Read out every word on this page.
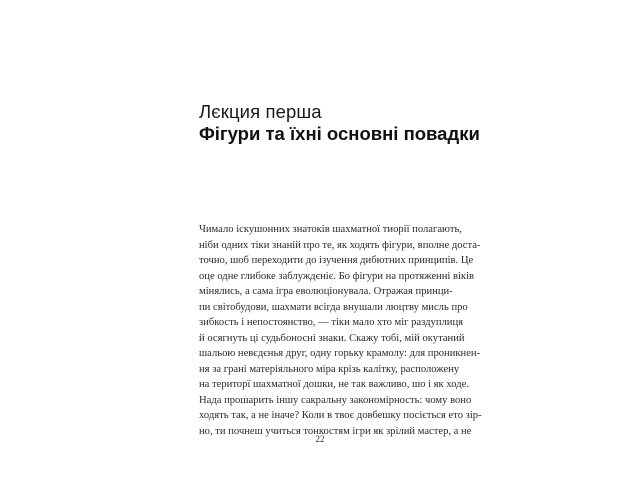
Лєкция перша

Фігури та їхні основні повадки
Чимало іскушонних знатоків шахматної тиорії полагають,
ніби одних тіки знаній про те, як ходять фігури, вполне доста-
точно, шоб переходити до ізучення дибютних принципів. Це
оце одне глибоке заблуждєніє. Бо фігури на протяженні віків
мінялись, а сама ігра еволюціонувала. Отражая принци-
пи світобудови, шахмати всігда внушали люцтву мисль про
зибкость і непостоянство, — тіки мало хто міг раздуплиця
й осягнуть ці судьбоносні знаки. Скажу тобі, мій окутаний
шальою невєдєнья друг, одну горьку крамолу: для проникнен-
ня за грані матеріяльного міра крізь калітку, расположену
на територї шахматної дошки, не так важливо, шо і як ходе.
Нада прошарить іншу сакральну закономірность: чому воно
ходять так, а не іначе? Коли в твоє довбешку посіється ето зір-
но, ти почнеш учиться тонкостям ігри як зрілий мастер, а не

22
